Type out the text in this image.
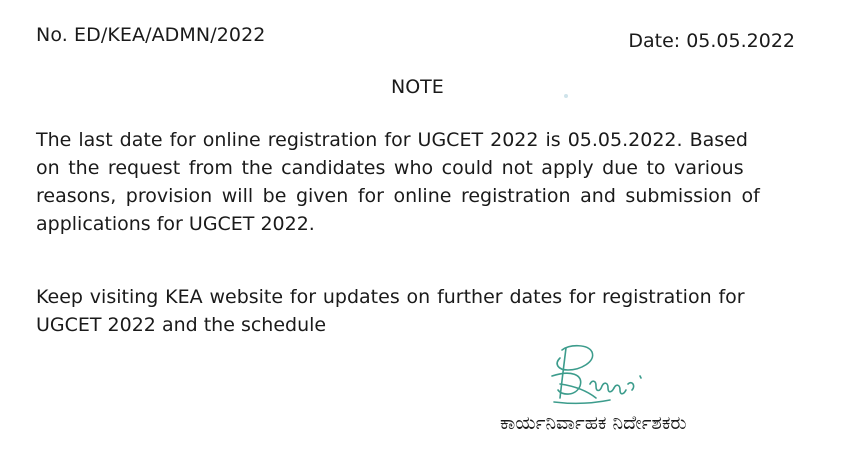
No. ED/KEA/ADMN/2022	Date: 05.05.2022
NOTE

The last date for online registration for UGCET 2022 is 05.05.2022. Based
on the request from the candidates who could not apply due to various
reasons, provision will be given for online registration and submission of
applications for UGCET 2022.

Keep visiting KEA website for updates on further dates for registration for
UGCET 2022 and the schedule

ಕಾರ್ಯನಿರ್ವಾಹಕ ನಿರ್ದೇಶಕರು
